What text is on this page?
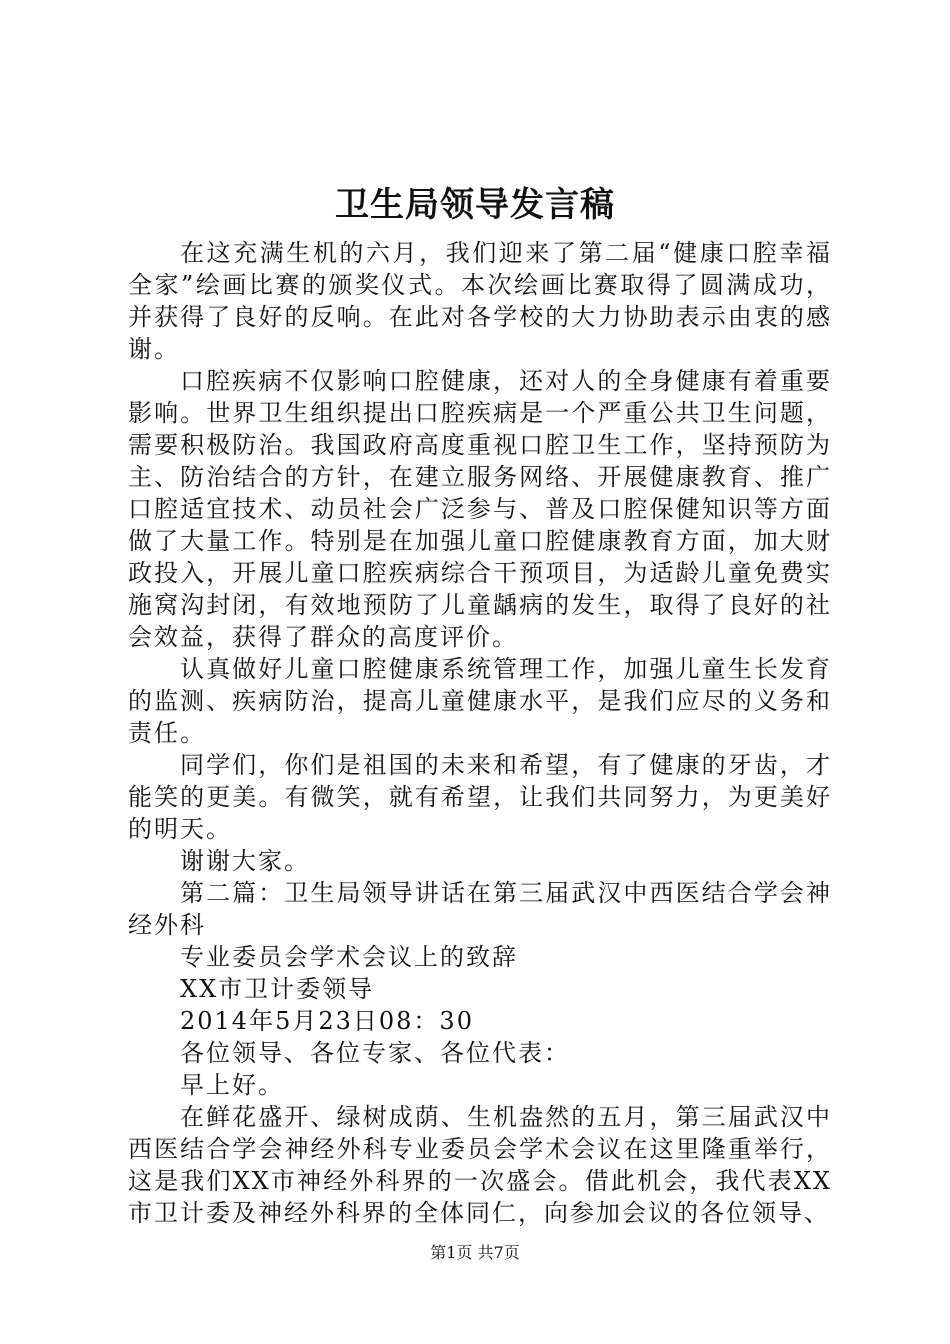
卫生局领导发言稿

在这充满生机的六月，我们迎来了第二届“健康口腔幸福全家”绘画比赛的颁奖仪式。本次绘画比赛取得了圆满成功，并获得了良好的反响。在此对各学校的大力协助表示由衷的感谢。

口腔疾病不仅影响口腔健康，还对人的全身健康有着重要影响。世界卫生组织提出口腔疾病是一个严重公共卫生问题，需要积极防治。我国政府高度重视口腔卫生工作，坚持预防为主、防治结合的方针，在建立服务网络、开展健康教育、推广口腔适宜技术、动员社会广泛参与、普及口腔保健知识等方面做了大量工作。特别是在加强儿童口腔健康教育方面，加大财政投入，开展儿童口腔疾病综合干预项目，为适龄儿童免费实施窝沟封闭，有效地预防了儿童龋病的发生，取得了良好的社会效益，获得了群众的高度评价。

认真做好儿童口腔健康系统管理工作，加强儿童生长发育的监测、疾病防治，提高儿童健康水平，是我们应尽的义务和责任。

同学们，你们是祖国的未来和希望，有了健康的牙齿，才能笑的更美。有微笑，就有希望，让我们共同努力，为更美好的明天。

谢谢大家。

第二篇：卫生局领导讲话在第三届武汉中西医结合学会神经外科

专业委员会学术会议上的致辞

XX市卫计委领导

2014年5月23日08：30

各位领导、各位专家、各位代表：

早上好。

在鲜花盛开、绿树成荫、生机盎然的五月，第三届武汉中西医结合学会神经外科专业委员会学术会议在这里隆重举行，这是我们XX市神经外科界的一次盛会。借此机会，我代表XX市卫计委及神经外科界的全体同仁，向参加会议的各位领导、

第1页 共7页
